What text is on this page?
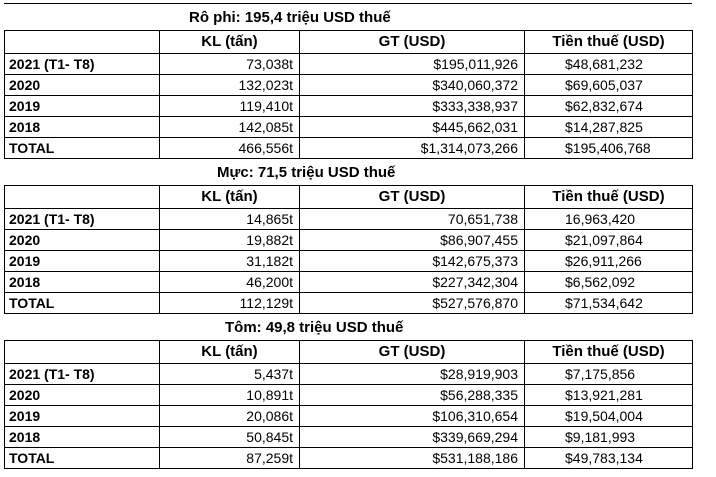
Rô phi: 195,4 triệu USD thuế
	KL (tấn)	GT (USD)	Tiền thuế (USD)
2021 (T1- T8)	73,038t	$195,011,926	$48,681,232
2020	132,023t	$340,060,372	$69,605,037
2019	119,410t	$333,338,937	$62,832,674
2018	142,085t	$445,662,031	$14,287,825
TOTAL	466,556t	$1,314,073,266	$195,406,768
Mực: 71,5 triệu USD thuế
	KL (tấn)	GT (USD)	Tiền thuế (USD)
2021 (T1- T8)	14,865t	70,651,738	16,963,420
2020	19,882t	$86,907,455	$21,097,864
2019	31,182t	$142,675,373	$26,911,266
2018	46,200t	$227,342,304	$6,562,092
TOTAL	112,129t	$527,576,870	$71,534,642
Tôm: 49,8 triệu USD thuế
	KL (tấn)	GT (USD)	Tiền thuế (USD)
2021 (T1- T8)	5,437t	$28,919,903	$7,175,856
2020	10,891t	$56,288,335	$13,921,281
2019	20,086t	$106,310,654	$19,504,004
2018	50,845t	$339,669,294	$9,181,993
TOTAL	87,259t	$531,188,186	$49,783,134
